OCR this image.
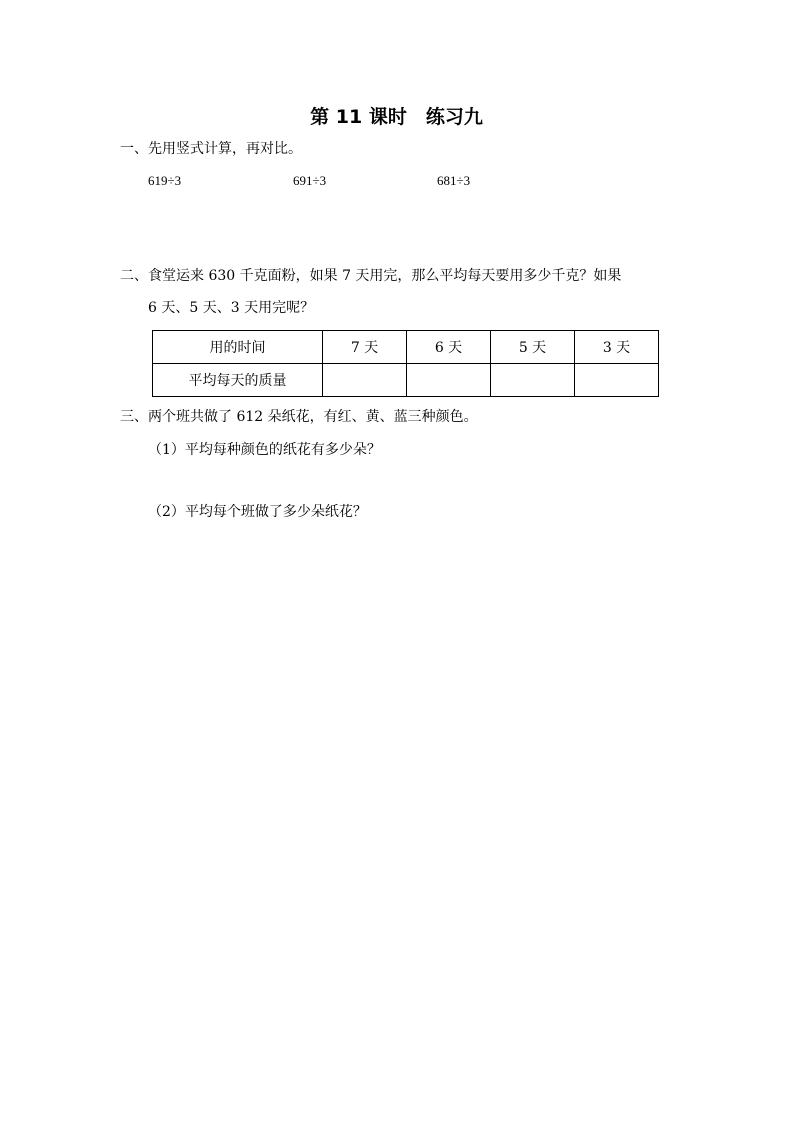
第 11 课时　练习九
一、先用竖式计算，再对比。
619÷3	691÷3	681÷3
二、食堂运来 630 千克面粉，如果 7 天用完，那么平均每天要用多少千克？如果
6 天、5 天、3 天用完呢？
用的时间	7 天	6 天	5 天	3 天
平均每天的质量				
三、两个班共做了 612 朵纸花，有红、黄、蓝三种颜色。
（1）平均每种颜色的纸花有多少朵？
（2）平均每个班做了多少朵纸花？
